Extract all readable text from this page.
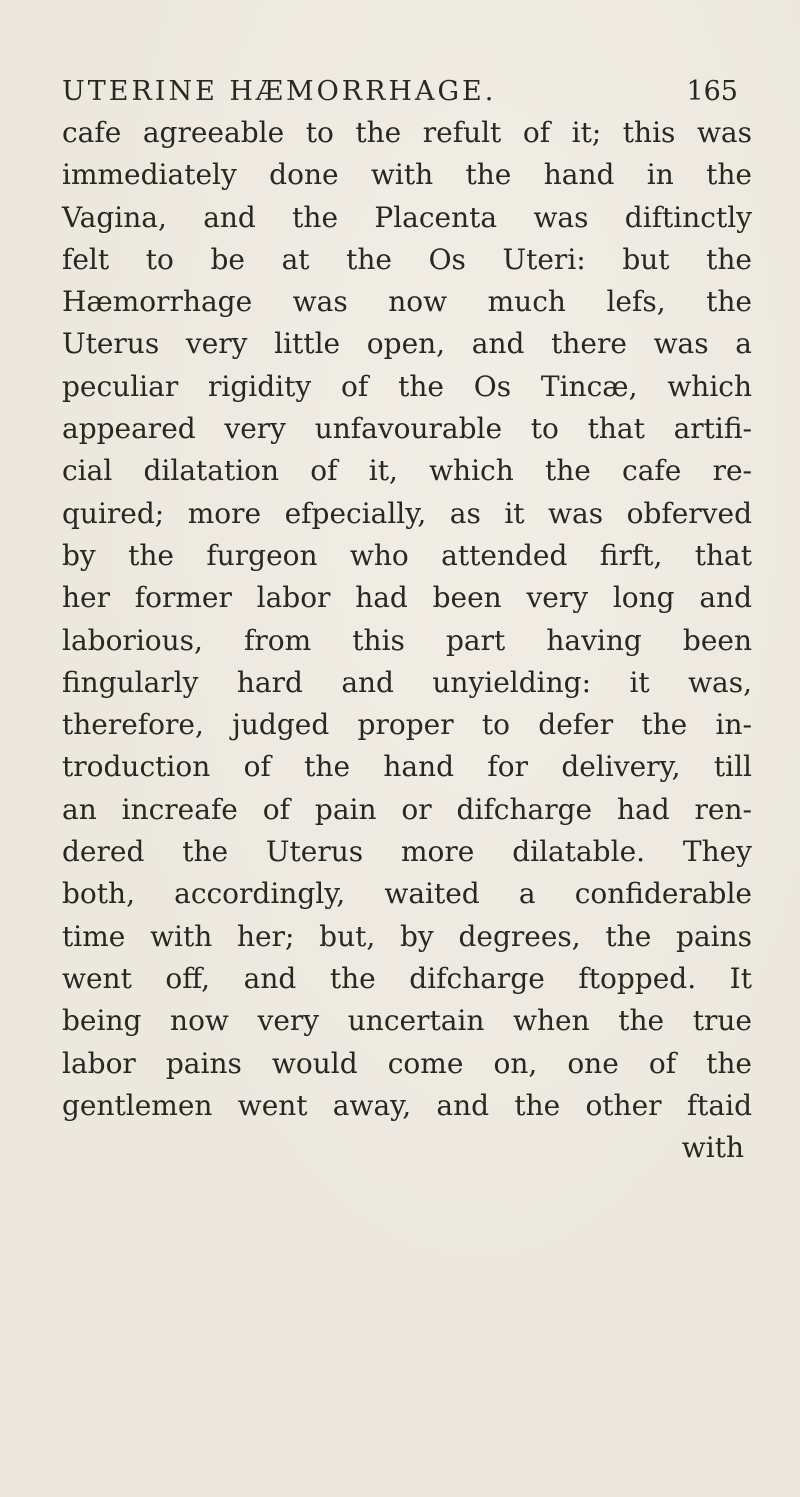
UTERINE HÆMORRHAGE.	165
cafe agreeable to the refult of it; this was
immediately done with the hand in the
Vagina, and the Placenta was diftinctly
felt to be at the Os Uteri: but the
Hæmorrhage was now much lefs, the
Uterus very little open, and there was a
peculiar rigidity of the Os Tincæ, which
appeared very unfavourable to that artifi-
cial dilatation of it, which the cafe re-
quired; more efpecially, as it was obferved
by the furgeon who attended firft, that
her former labor had been very long and
laborious, from this part having been
fingularly hard and unyielding: it was,
therefore, judged proper to defer the in-
troduction of the hand for delivery, till
an increafe of pain or difcharge had ren-
dered the Uterus more dilatable. They
both, accordingly, waited a confiderable
time with her; but, by degrees, the pains
went off, and the difcharge ftopped. It
being now very uncertain when the true
labor pains would come on, one of the
gentlemen went away, and the other ftaid
with
